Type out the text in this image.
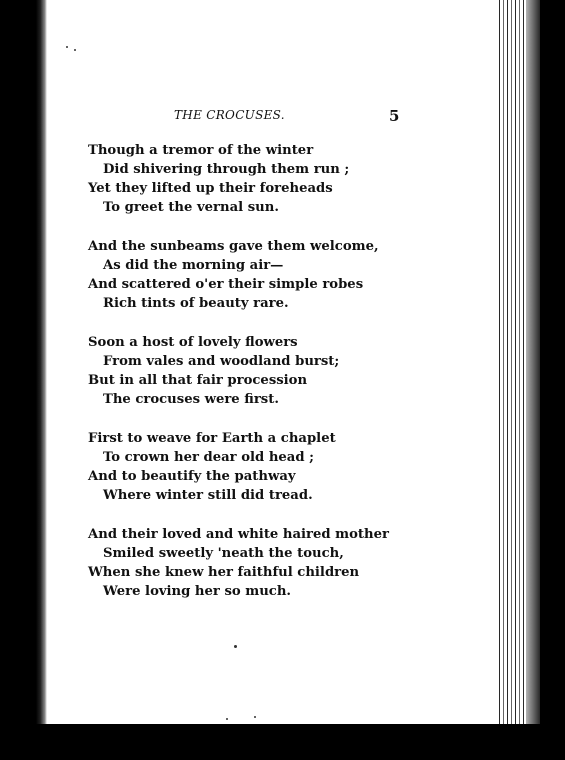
THE CROCUSES.	5
Though a tremor of the winter
Did shivering through them run ;
Yet they lifted up their foreheads
To greet the vernal sun.
And the sunbeams gave them welcome,
As did the morning air—
And scattered o'er their simple robes
Rich tints of beauty rare.
Soon a host of lovely flowers
From vales and woodland burst;
But in all that fair procession
The crocuses were first.
First to weave for Earth a chaplet
To crown her dear old head ;
And to beautify the pathway
Where winter still did tread.
And their loved and white haired mother
Smiled sweetly 'neath the touch,
When she knew her faithful children
Were loving her so much.
